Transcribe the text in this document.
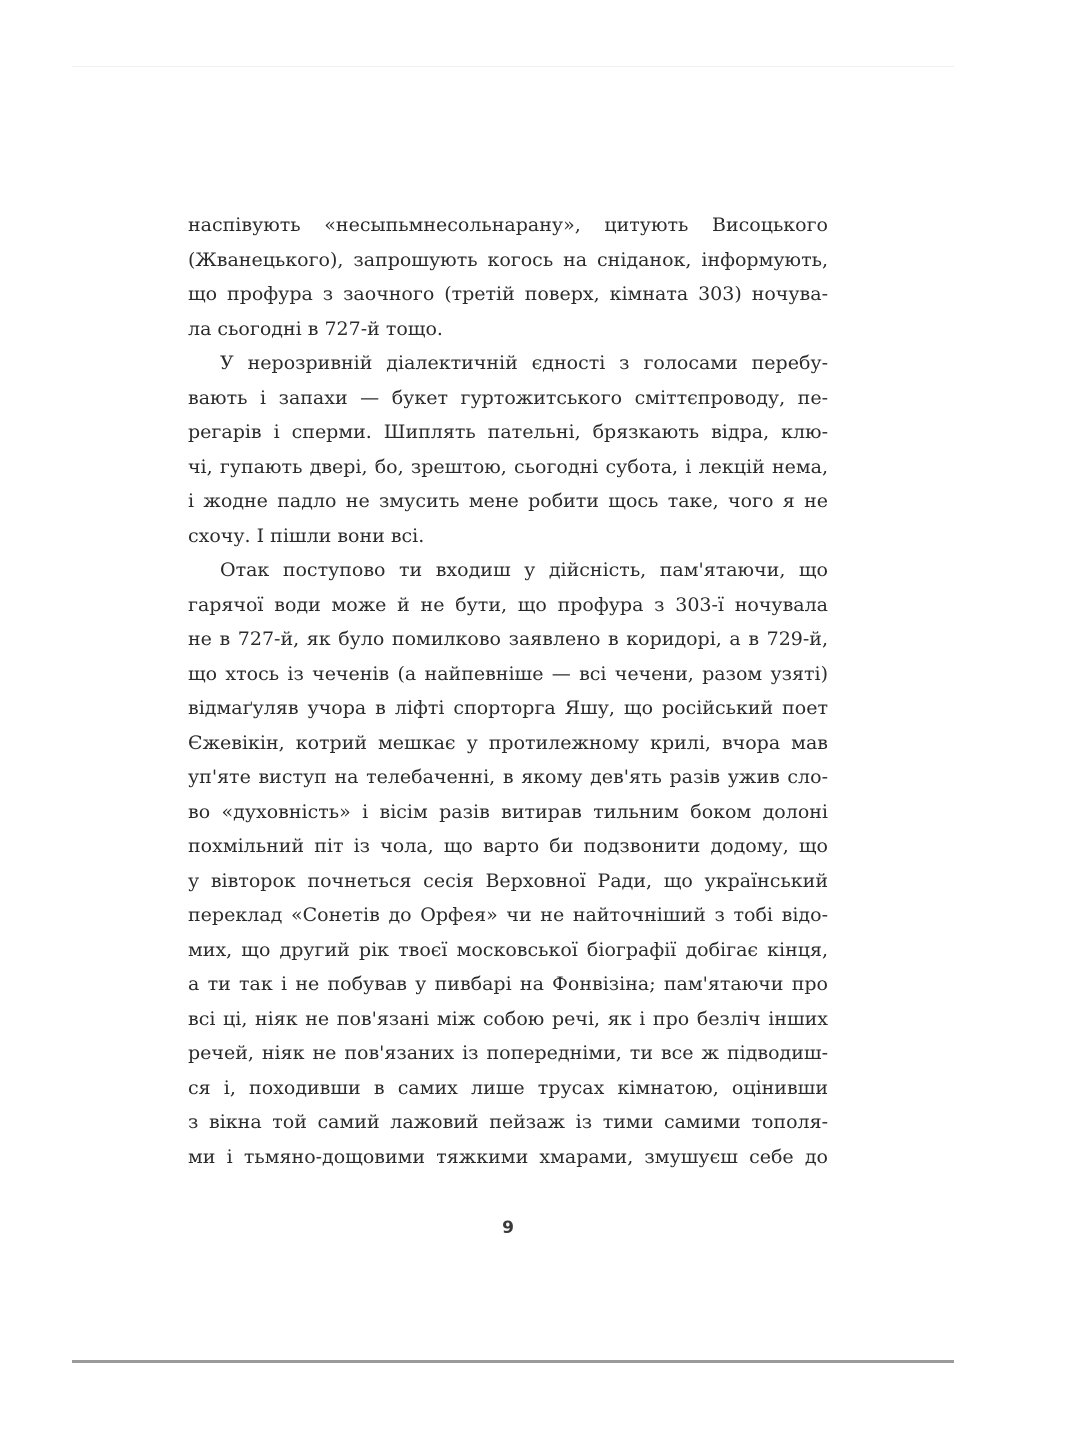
наспівують «несыпьмнесольнарану», цитують Висоцького
(Жванецького), запрошують когось на сніданок, інформують,
що профура з заочного (третій поверх, кімната 303) ночува-
ла сьогодні в 727-й тощо.
У нерозривній діалектичній єдності з голосами перебу-
вають і запахи — букет гуртожитського сміттєпроводу, пе-
регарів і сперми. Шиплять пательні, брязкають відра, клю-
чі, гупають двері, бо, зрештою, сьогодні субота, і лекцій нема,
і жодне падло не змусить мене робити щось таке, чого я не
схочу. І пішли вони всі.
Отак поступово ти входиш у дійсність, пам'ятаючи, що
гарячої води може й не бути, що профура з 303-ї ночувала
не в 727-й, як було помилково заявлено в коридорі, а в 729-й,
що хтось із чеченів (а найпевніше — всі чечени, разом узяті)
відмаґуляв учора в ліфті спорторга Яшу, що російський поет
Єжевікін, котрий мешкає у протилежному крилі, вчора мав
уп'яте виступ на телебаченні, в якому дев'ять разів ужив сло-
во «духовність» і вісім разів витирав тильним боком долоні
похмільний піт із чола, що варто би подзвонити додому, що
у вівторок почнеться сесія Верховної Ради, що український
переклад «Сонетів до Орфея» чи не найточніший з тобі відо-
мих, що другий рік твоєї московської біографії добігає кінця,
а ти так і не побував у пивбарі на Фонвізіна; пам'ятаючи про
всі ці, ніяк не пов'язані між собою речі, як і про безліч інших
речей, ніяк не пов'язаних із попередніми, ти все ж підводиш-
ся і, походивши в самих лише трусах кімнатою, оцінивши
з вікна той самий лажовий пейзаж із тими самими тополя-
ми і тьмяно-дощовими тяжкими хмарами, змушуєш себе до
9
